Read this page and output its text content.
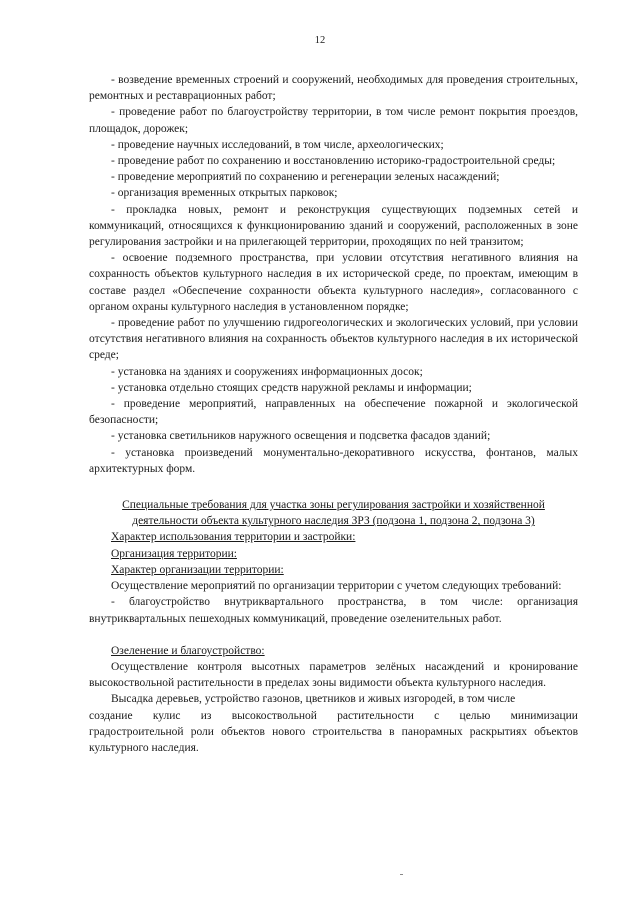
12

- возведение временных строений и сооружений, необходимых для проведения строительных, ремонтных и реставрационных работ;

- проведение работ по благоустройству территории, в том числе ремонт покрытия проездов, площадок, дорожек;

- проведение научных исследований, в том числе, археологических;

- проведение работ по сохранению и восстановлению историко-градостроительной среды;

- проведение мероприятий по сохранению и регенерации зеленых насаждений;

- организация временных открытых парковок;

- прокладка новых, ремонт и реконструкция существующих подземных сетей и коммуникаций, относящихся к функционированию зданий и сооружений, расположенных в зоне регулирования застройки и на прилегающей территории, проходящих по ней транзитом;

- освоение подземного пространства, при условии отсутствия негативного влияния на сохранность объектов культурного наследия в их исторической среде, по проектам, имеющим в составе раздел «Обеспечение сохранности объекта культурного наследия», согласованного с органом охраны культурного наследия в установленном порядке;

- проведение работ по улучшению гидрогеологических и экологических условий, при условии отсутствия негативного влияния на сохранность объектов культурного наследия в их исторической среде;

- установка на зданиях и сооружениях информационных досок;

- установка отдельно стоящих средств наружной рекламы и информации;

- проведение мероприятий, направленных на обеспечение пожарной и экологической безопасности;

- установка светильников наружного освещения и подсветка фасадов зданий;

- установка произведений монументально-декоративного искусства, фонтанов, малых архитектурных форм.

Специальные требования для участка зоны регулирования застройки и хозяйственной деятельности объекта культурного наследия ЗРЗ (подзона 1, подзона 2, подзона 3)

Характер использования территории и застройки:

Организация территории:

Характер организации территории:

Осуществление мероприятий по организации территории с учетом следующих требований:

- благоустройство внутриквартального пространства, в том числе: организация внутриквартальных пешеходных коммуникаций, проведение озеленительных работ.

Озеленение и благоустройство:

Осуществление контроля высотных параметров зелёных насаждений и кронирование высокоствольной растительности в пределах зоны видимости объекта культурного наследия.

Высадка деревьев, устройство газонов, цветников и живых изгородей, в том числе

создание кулис из высокоствольной растительности с целью минимизации

градостроительной роли объектов нового строительства в панорамных раскрытиях объектов культурного наследия.
